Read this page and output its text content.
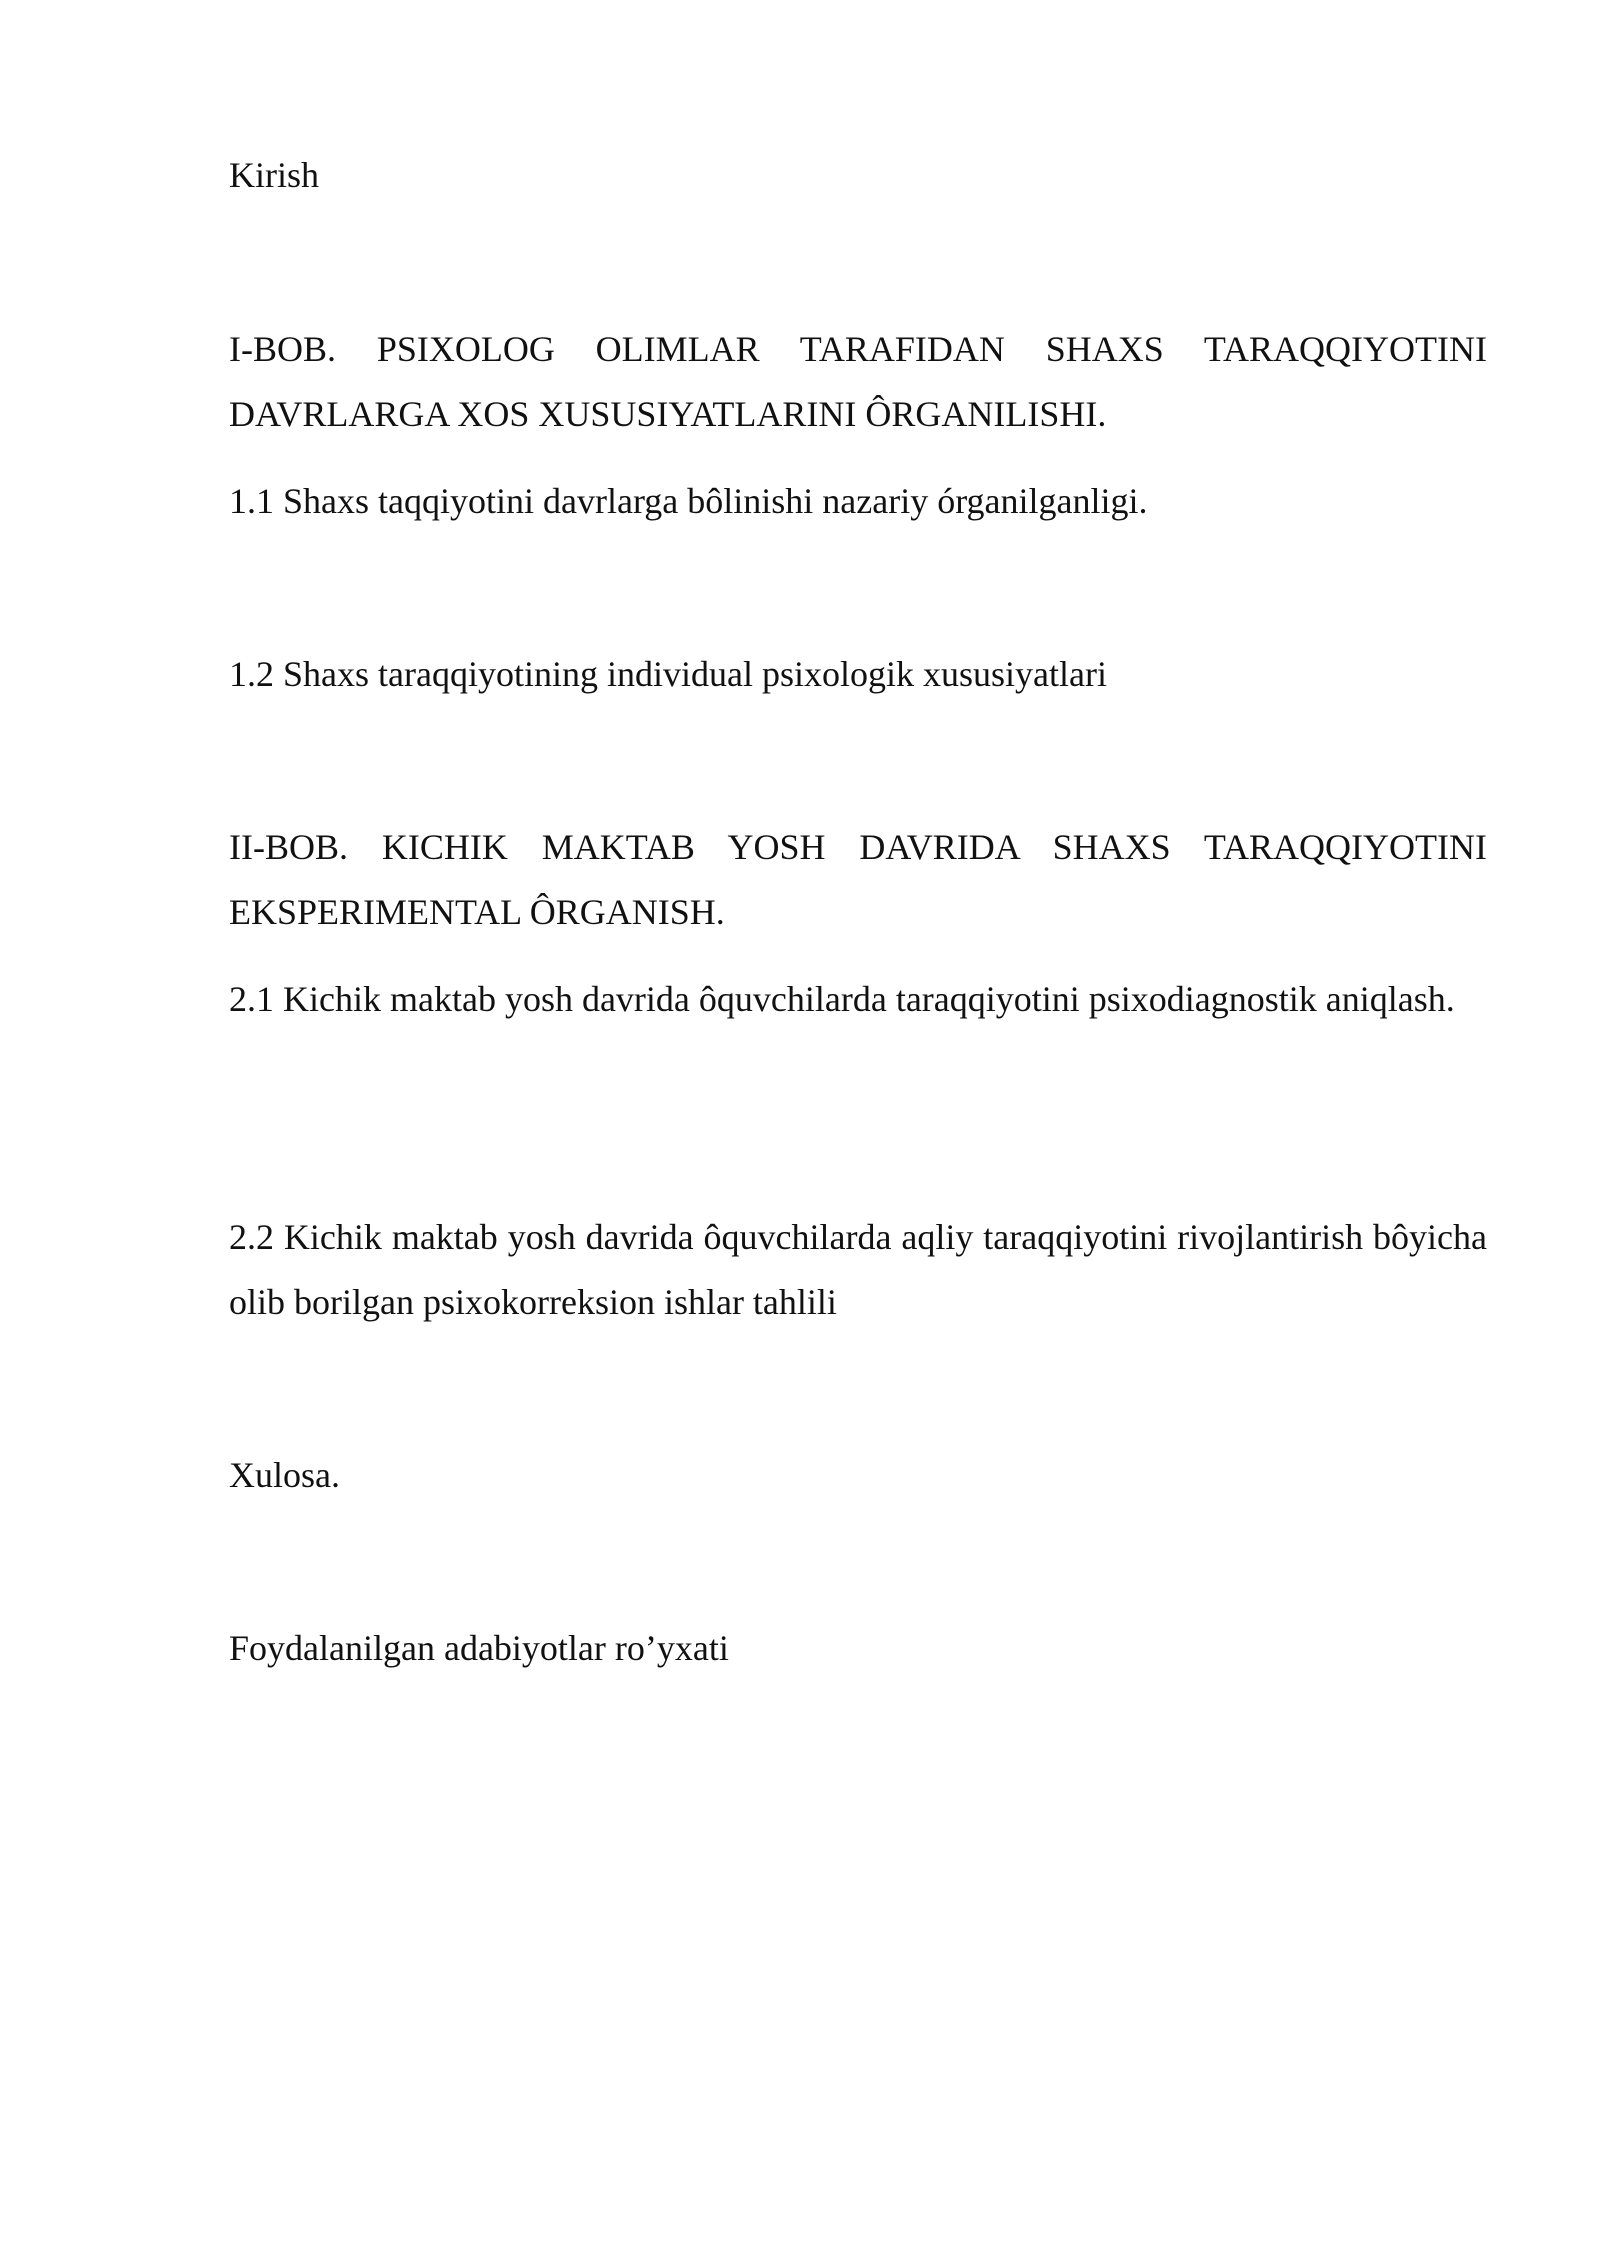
Kirish

I-BOB. PSIXOLOG OLIMLAR TARAFIDAN SHAXS TARAQQIYOTINI DAVRLARGA XOS XUSUSIYATLARINI ÔRGANILISHI.

1.1 Shaxs taqqiyotini davrlarga bôlinishi nazariy órganilganligi.

1.2 Shaxs taraqqiyotining individual psixologik xususiyatlari

II-BOB. KICHIK MAKTAB YOSH DAVRIDA SHAXS TARAQQIYOTINI EKSPERIMENTAL ÔRGANISH.

2.1 Kichik maktab yosh davrida ôquvchilarda taraqqiyotini psixodiagnostik aniqlash.

2.2 Kichik maktab yosh davrida ôquvchilarda aqliy taraqqiyotini rivojlantirish bôyicha olib borilgan psixokorreksion ishlar tahlili

Xulosa.

Foydalanilgan adabiyotlar ro’yxati
